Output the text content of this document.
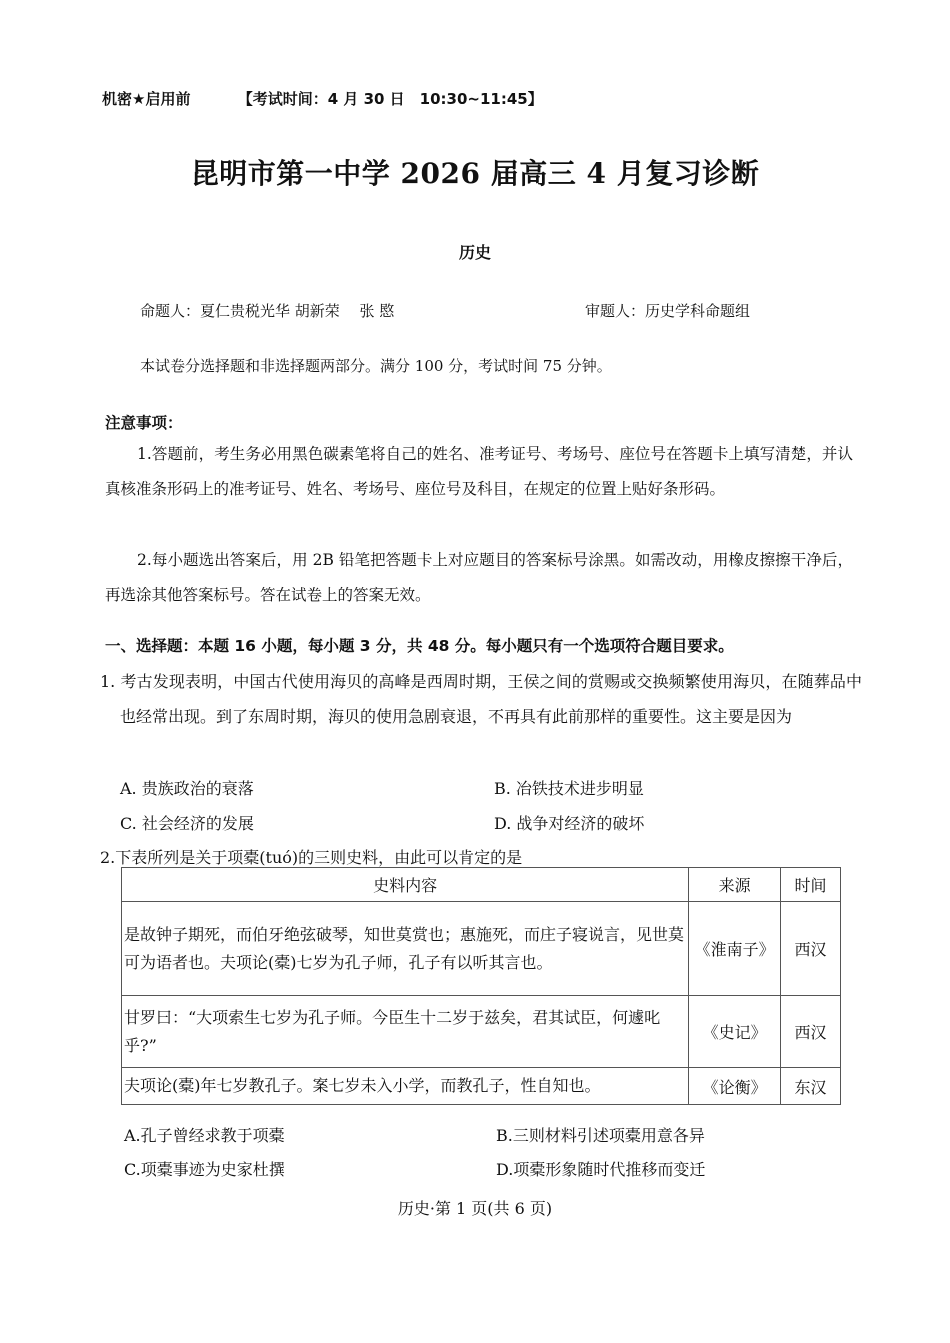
机密★启用前	【考试时间：4 月 30 日　10:30~11:45】
昆明市第一中学 2026 届高三 4 月复习诊断
历史
命题人：夏仁贵税光华 胡新荣　 张 愍	审题人：历史学科命题组
本试卷分选择题和非选择题两部分。满分 100 分，考试时间 75 分钟。
注意事项：
1.答题前，考生务必用黑色碳素笔将自己的姓名、准考证号、考场号、座位号在答题卡上填写清楚，并认真核准条形码上的准考证号、姓名、考场号、座位号及科目，在规定的位置上贴好条形码。
2.每小题选出答案后，用 2B 铅笔把答题卡上对应题目的答案标号涂黑。如需改动，用橡皮擦擦干净后，再选涂其他答案标号。答在试卷上的答案无效。
一、选择题：本题 16 小题，每小题 3 分，共 48 分。每小题只有一个选项符合题目要求。
1. 考古发现表明，中国古代使用海贝的高峰是西周时期，王侯之间的赏赐或交换频繁使用海贝，在随葬品中也经常出现。到了东周时期，海贝的使用急剧衰退，不再具有此前那样的重要性。这主要是因为
A. 贵族政治的衰落	B. 冶铁技术进步明显
C. 社会经济的发展	D. 战争对经济的破坏
2.下表所列是关于项橐(tuó)的三则史料，由此可以肯定的是
史料内容	来源	时间
是故钟子期死，而伯牙绝弦破琴，知世莫赏也；惠施死，而庄子寝说言，见世莫可为语者也。夫项论(橐)七岁为孔子师，孔子有以听其言也。	《淮南子》	西汉
甘罗曰：“大项索生七岁为孔子师。今臣生十二岁于兹矣，君其试臣，何遽叱乎?”	《史记》	西汉
夫项论(橐)年七岁教孔子。案七岁未入小学，而教孔子，性自知也。	《论衡》	东汉
A.孔子曾经求教于项橐	B.三则材料引述项橐用意各异
C.项橐事迹为史家杜撰	D.项橐形象随时代推移而变迁
历史·第 1 页(共 6 页)
